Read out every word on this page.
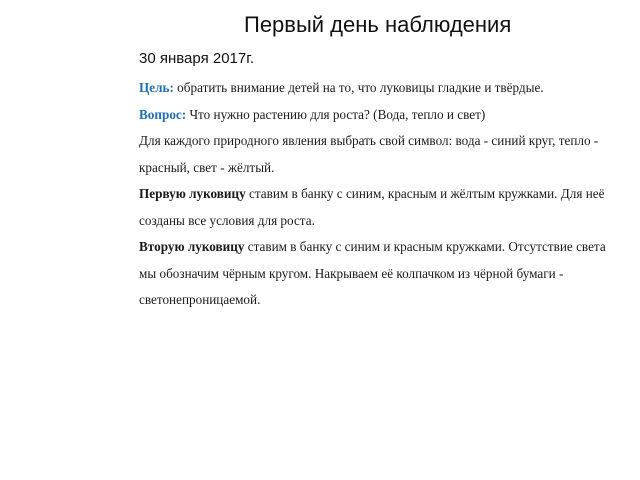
Первый день наблюдения
30 января 2017г.

Цель: обратить внимание детей на то, что луковицы гладкие и твёрдые.

Вопрос: Что нужно растению для роста? (Вода, тепло и свет)

Для каждого природного явления выбрать свой символ: вода - синий круг, тепло - красный, свет - жёлтый.

Первую луковицу ставим в банку с синим, красным и жёлтым кружками. Для неё созданы все условия для роста.

Вторую луковицу ставим в банку с синим и красным кружками. Отсутствие света мы обозначим чёрным кругом. Накрываем её колпачком из чёрной бумаги - светонепроницаемой.
